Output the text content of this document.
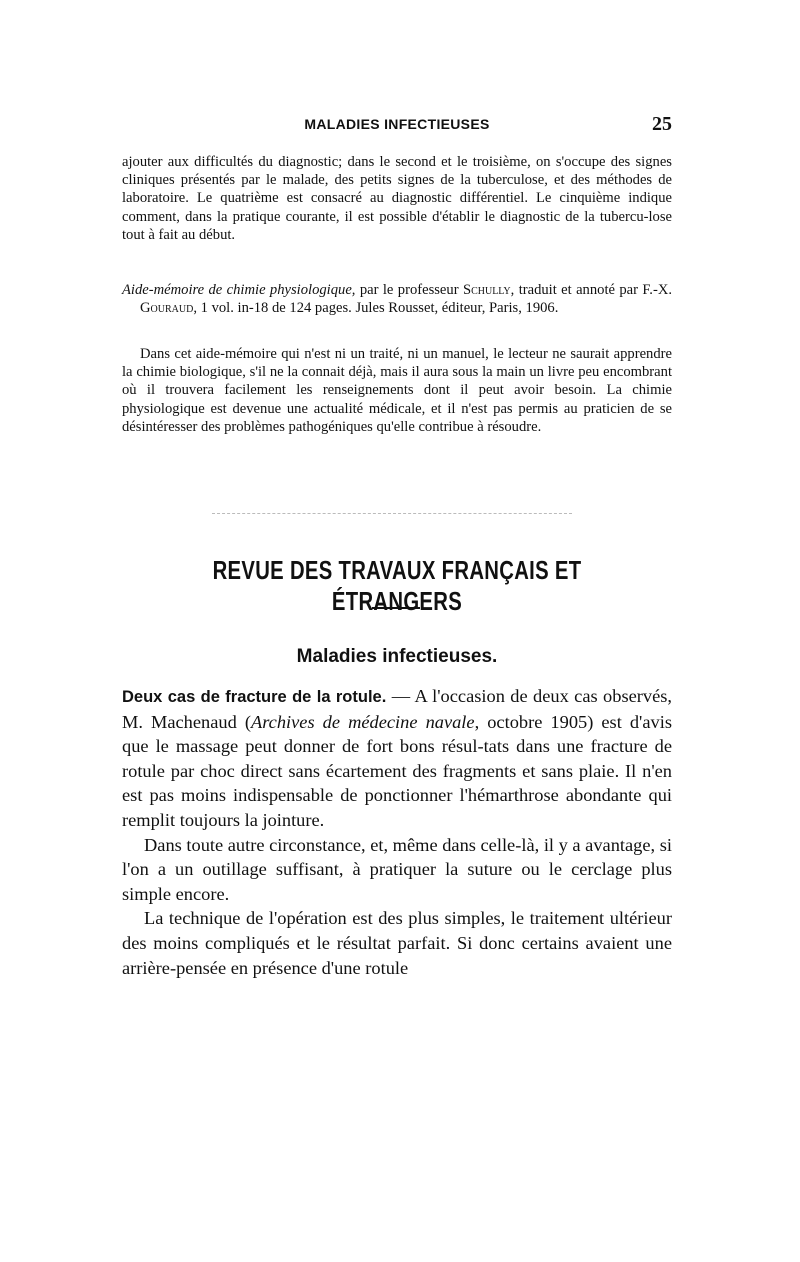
MALADIES INFECTIEUSES	25

ajouter aux difficultés du diagnostic; dans le second et le troisième, on s'occupe des signes cliniques présentés par le malade, des petits signes de la tuberculose, et des méthodes de laboratoire. Le quatrième est consacré au diagnostic différentiel. Le cinquième indique comment, dans la pratique courante, il est possible d'établir le diagnostic de la tubercu-lose tout à fait au début.

Aide-mémoire de chimie physiologique, par le professeur Schully, traduit et annoté par F.-X. Gouraud, 1 vol. in-18 de 124 pages. Jules Rousset, éditeur, Paris, 1906.

Dans cet aide-mémoire qui n'est ni un traité, ni un manuel, le lecteur ne saurait apprendre la chimie biologique, s'il ne la connait déjà, mais il aura sous la main un livre peu encombrant où il trouvera facilement les renseignements dont il peut avoir besoin. La chimie physiologique est devenue une actualité médicale, et il n'est pas permis au praticien de se désintéresser des problèmes pathogéniques qu'elle contribue à résoudre.

REVUE DES TRAVAUX FRANÇAIS ET ÉTRANGERS
Maladies infectieuses.

Deux cas de fracture de la rotule. — A l'occasion de deux cas observés, M. Machenaud (Archives de médecine navale, octobre 1905) est d'avis que le massage peut donner de fort bons résul-tats dans une fracture de rotule par choc direct sans écartement des fragments et sans plaie. Il n'en est pas moins indispensable de ponctionner l'hémarthrose abondante qui remplit toujours la jointure.

Dans toute autre circonstance, et, même dans celle-là, il y a avantage, si l'on a un outillage suffisant, à pratiquer la suture ou le cerclage plus simple encore.

La technique de l'opération est des plus simples, le traitement ultérieur des moins compliqués et le résultat parfait. Si donc certains avaient une arrière-pensée en présence d'une rotule
